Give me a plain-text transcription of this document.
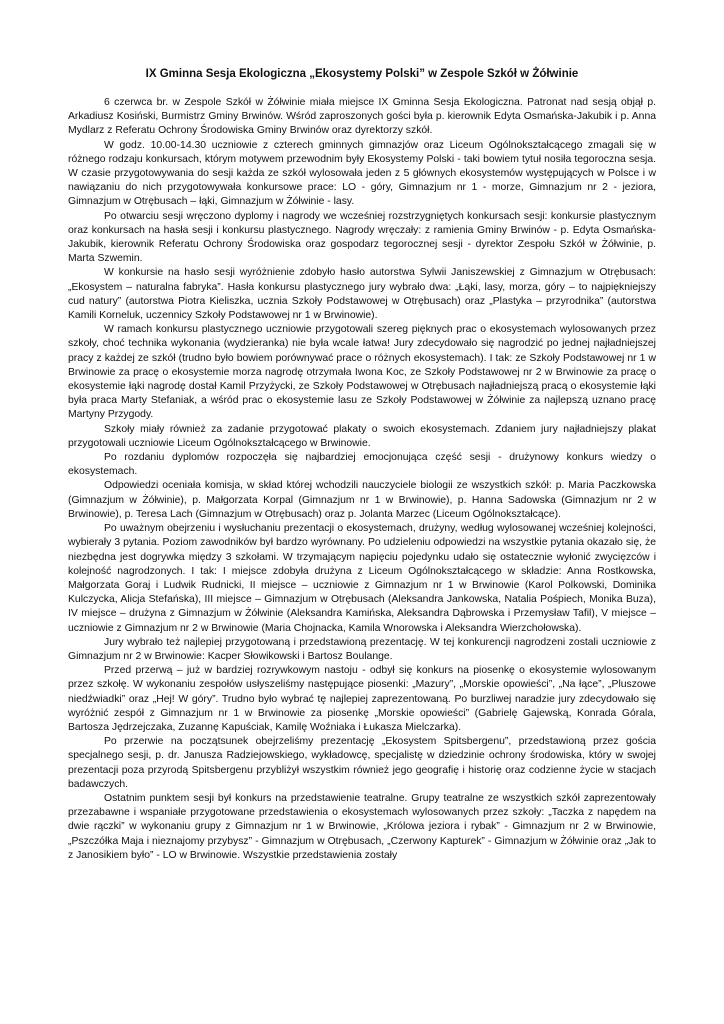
IX Gminna Sesja Ekologiczna „Ekosystemy Polski” w Zespole Szkół w Żółwinie

6 czerwca br. w Zespole Szkół w Żółwinie miała miejsce IX Gminna Sesja Ekologiczna. Patronat nad sesją objął p. Arkadiusz Kosiński, Burmistrz Gminy Brwinów. Wśród zaproszonych gości była p. kierownik Edyta Osmańska-Jakubik i p. Anna Mydlarz z Referatu Ochrony Środowiska Gminy Brwinów oraz dyrektorzy szkół.

W godz. 10.00-14.30 uczniowie z czterech gminnych gimnazjów oraz Liceum Ogólnokształcącego zmagali się w różnego rodzaju konkursach, którym motywem przewodnim były Ekosystemy Polski - taki bowiem tytuł nosiła tegoroczna sesja. W czasie przygotowywania do sesji każda ze szkół wylosowała jeden z 5 głównych ekosystemów występujących w Polsce i w nawiązaniu do nich przygotowywała konkursowe prace: LO - góry, Gimnazjum nr 1 - morze, Gimnazjum nr 2 - jeziora, Gimnazjum w Otrębusach – łąki, Gimnazjum w Żółwinie - lasy.

Po otwarciu sesji wręczono dyplomy i nagrody we wcześniej rozstrzygniętych konkursach sesji: konkursie plastycznym oraz konkursach na hasła sesji i konkursu plastycznego. Nagrody wręczały: z ramienia Gminy Brwinów - p. Edyta Osmańska-Jakubik, kierownik Referatu Ochrony Środowiska oraz gospodarz tegorocznej sesji - dyrektor Zespołu Szkół w Żółwinie, p. Marta Szwemin.

W konkursie na hasło sesji wyróżnienie zdobyło hasło autorstwa Sylwii Janiszewskiej z Gimnazjum w Otrębusach: „Ekosystem – naturalna fabryka”. Hasła konkursu plastycznego jury wybrało dwa: „Łąki, lasy, morza, góry – to najpiękniejszy cud natury” (autorstwa Piotra Kieliszka, ucznia Szkoły Podstawowej w Otrębusach) oraz „Plastyka – przyrodnika” (autorstwa Kamili Korneluk, uczennicy Szkoły Podstawowej nr 1 w Brwinowie).

W ramach konkursu plastycznego uczniowie przygotowali szereg pięknych prac o ekosystemach wylosowanych przez szkoły, choć technika wykonania (wydzieranka) nie była wcale łatwa! Jury zdecydowało się nagrodzić po jednej najładniejszej pracy z każdej ze szkół (trudno było bowiem porównywać prace o różnych ekosystemach). I tak: ze Szkoły Podstawowej nr 1 w Brwinowie za pracę o ekosystemie morza nagrodę otrzymała Iwona Koc, ze Szkoły Podstawowej nr 2 w Brwinowie za pracę o ekosystemie łąki nagrodę dostał Kamil Przyżycki, ze Szkoły Podstawowej w Otrębusach najładniejszą pracą o ekosystemie łąki była praca Marty Stefaniak, a wśród prac o ekosystemie lasu ze Szkoły Podstawowej w Żółwinie za najlepszą uznano pracę Martyny Przygody.

Szkoły miały również za zadanie przygotować plakaty o swoich ekosystemach. Zdaniem jury najładniejszy plakat przygotowali uczniowie Liceum Ogólnokształcącego w Brwinowie.

Po rozdaniu dyplomów rozpoczęła się najbardziej emocjonująca część sesji - drużynowy konkurs wiedzy o ekosystemach.

Odpowiedzi oceniała komisja, w skład której wchodzili nauczyciele biologii ze wszystkich szkół: p. Maria Paczkowska (Gimnazjum w Żółwinie), p. Małgorzata Korpal (Gimnazjum nr 1 w Brwinowie), p. Hanna Sadowska (Gimnazjum nr 2 w Brwinowie), p. Teresa Lach (Gimnazjum w Otrębusach) oraz p. Jolanta Marzec (Liceum Ogólnokształcące).

Po uważnym obejrzeniu i wysłuchaniu prezentacji o ekosystemach, drużyny, według wylosowanej wcześniej kolejności, wybierały 3 pytania. Poziom zawodników był bardzo wyrównany. Po udzieleniu odpowiedzi na wszystkie pytania okazało się, że niezbędna jest dogrywka między 3 szkołami. W trzymającym napięciu pojedynku udało się ostatecznie wyłonić zwycięzców i kolejność nagrodzonych. I tak: I miejsce zdobyła drużyna z Liceum Ogólnokształcącego w składzie: Anna Rostkowska, Małgorzata Goraj i Ludwik Rudnicki, II miejsce – uczniowie z Gimnazjum nr 1 w Brwinowie (Karol Polkowski, Dominika Kulczycka, Alicja Stefańska), III miejsce – Gimnazjum w Otrębusach (Aleksandra Jankowska, Natalia Pośpiech, Monika Buza), IV miejsce – drużyna z Gimnazjum w Żółwinie (Aleksandra Kamińska, Aleksandra Dąbrowska i Przemysław Tafil), V miejsce – uczniowie z Gimnazjum nr 2 w Brwinowie (Maria Chojnacka, Kamila Wnorowska i Aleksandra Wierzchołowska).

Jury wybrało też najlepiej przygotowaną i przedstawioną prezentację. W tej konkurencji nagrodzeni zostali uczniowie z Gimnazjum nr 2 w Brwinowie: Kacper Słowikowski i Bartosz Boulange.

Przed przerwą – już w bardziej rozrywkowym nastoju - odbył się konkurs na piosenkę o ekosystemie wylosowanym przez szkołę. W wykonaniu zespołów usłyszeliśmy następujące piosenki: „Mazury”, „Morskie opowieści”, „Na łące”, „Pluszowe niedźwiadki” oraz „Hej! W góry”. Trudno było wybrać tę najlepiej zaprezentowaną. Po burzliwej naradzie jury zdecydowało się wyróżnić zespół z Gimnazjum nr 1 w Brwinowie za piosenkę „Morskie opowieści” (Gabrielę Gajewską, Konrada Górala, Bartosza Jędrzejczaka, Zuzannę Kapuściak, Kamilę Woźniaka i Łukasza Mielczarka).

Po przerwie na początsunek obejrzeliśmy prezentację „Ekosystem Spitsbergenu”, przedstawioną przez gościa specjalnego sesji, p. dr. Janusza Radziejowskiego, wykładowcę, specjalistę w dziedzinie ochrony środowiska, który w swojej prezentacji poza przyrodą Spitsbergenu przybliżył wszystkim również jego geografię i historię oraz codzienne życie w stacjach badawczych.

Ostatnim punktem sesji był konkurs na przedstawienie teatralne. Grupy teatralne ze wszystkich szkół zaprezentowały przezabawne i wspaniałe przygotowane przedstawienia o ekosystemach wylosowanych przez szkoły: „Taczka z napędem na dwie rączki” w wykonaniu grupy z Gimnazjum nr 1 w Brwinowie, „Królowa jeziora i rybak” - Gimnazjum nr 2 w Brwinowie, „Pszczółka Maja i nieznajomy przybysz” - Gimnazjum w Otrębusach, „Czerwony Kapturek” - Gimnazjum w Żółwinie oraz „Jak to z Janosikiem było” - LO w Brwinowie. Wszystkie przedstawienia zostały
